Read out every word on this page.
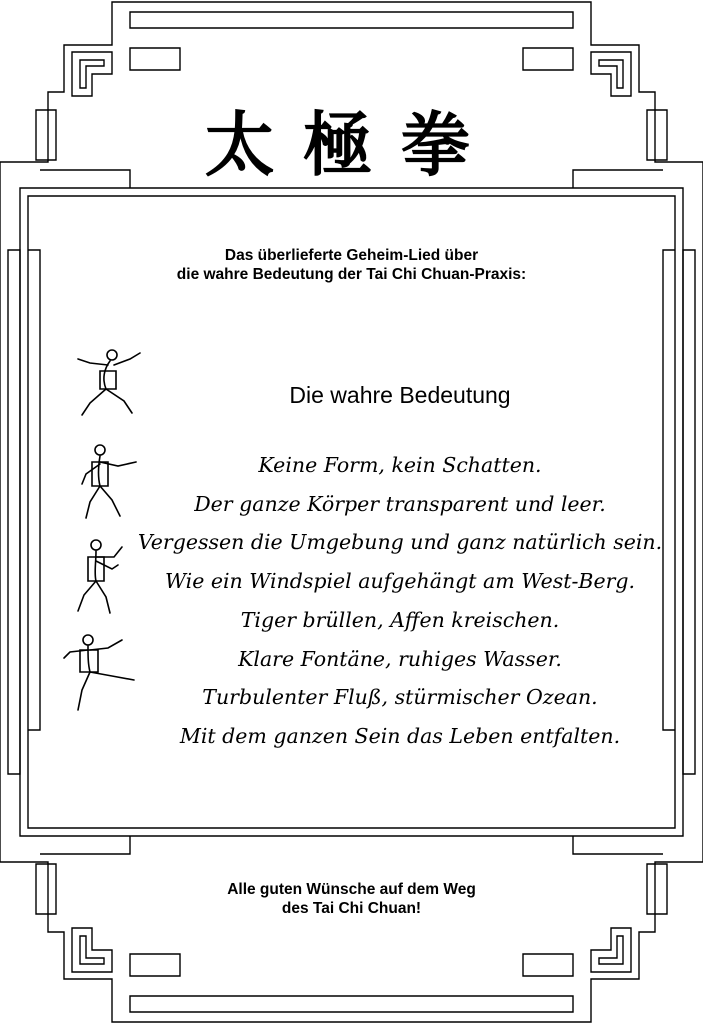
太極拳
Das überlieferte Geheim-Lied über
die wahre Bedeutung der Tai Chi Chuan-Praxis:
Die wahre Bedeutung
Keine Form, kein Schatten.
Der ganze Körper transparent und leer.
Vergessen die Umgebung und ganz natürlich sein.
Wie ein Windspiel aufgehängt am West-Berg.
Tiger brüllen, Affen kreischen.
Klare Fontäne, ruhiges Wasser.
Turbulenter Fluß, stürmischer Ozean.
Mit dem ganzen Sein das Leben entfalten.
Alle guten Wünsche auf dem Weg
des Tai Chi Chuan!
